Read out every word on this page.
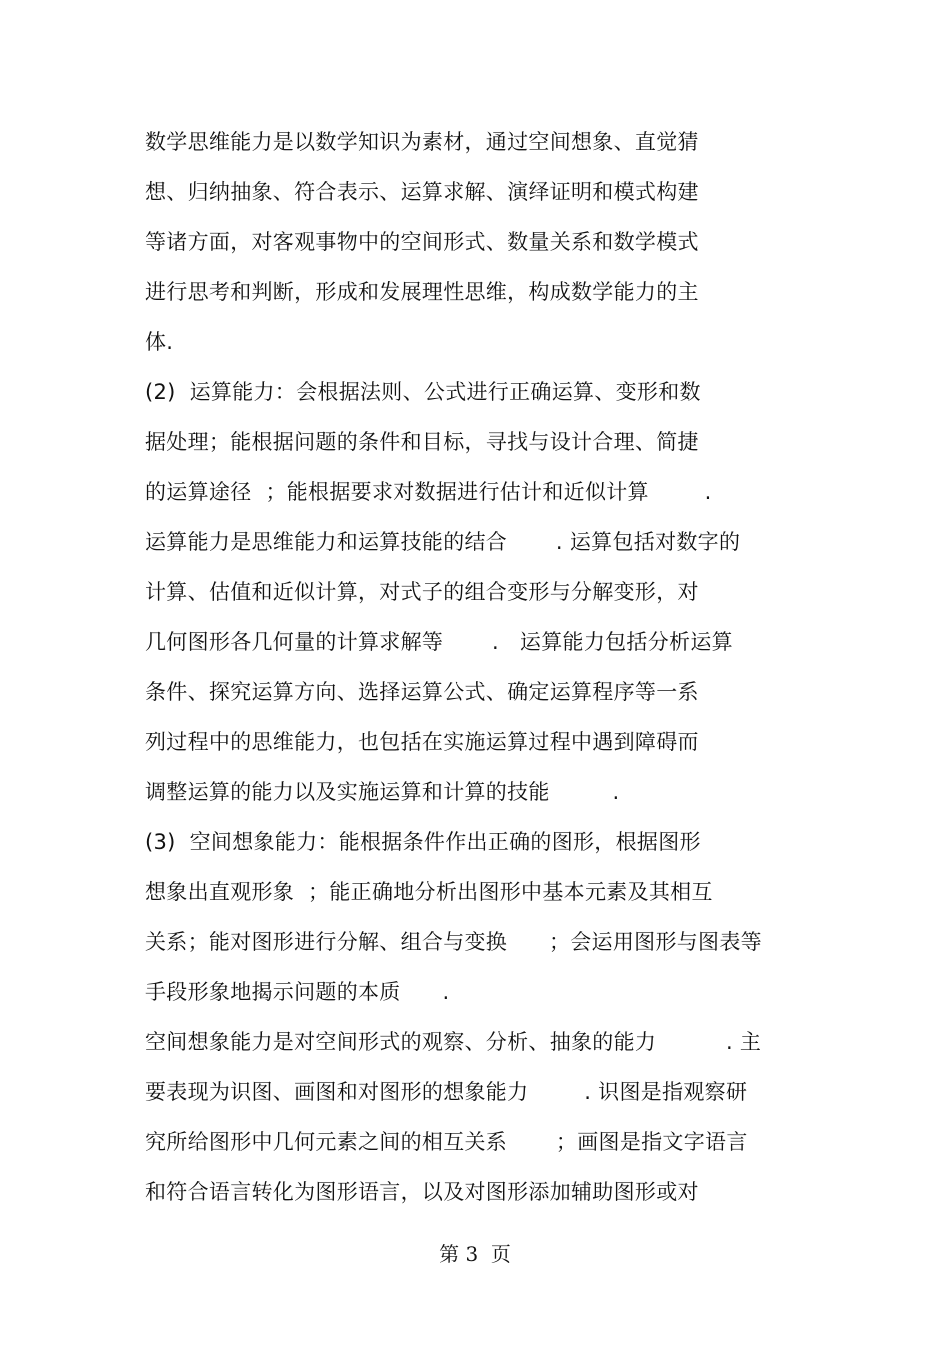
数学思维能力是以数学知识为素材，通过空间想象、直觉猜
想、归纳抽象、符合表示、运算求解、演绎证明和模式构建
等诸方面，对客观事物中的空间形式、数量关系和数学模式
进行思考和判断，形成和发展理性思维，构成数学能力的主
体.
(2)  运算能力：会根据法则、公式进行正确运算、变形和数
据处理；能根据问题的条件和目标，寻找与设计合理、简捷
的运算途径  ；能根据要求对数据进行估计和近似计算        .
运算能力是思维能力和运算技能的结合       . 运算包括对数字的
计算、估值和近似计算，对式子的组合变形与分解变形，对
几何图形各几何量的计算求解等       .   运算能力包括分析运算
条件、探究运算方向、选择运算公式、确定运算程序等一系
列过程中的思维能力，也包括在实施运算过程中遇到障碍而
调整运算的能力以及实施运算和计算的技能         .
(3)  空间想象能力：能根据条件作出正确的图形，根据图形
想象出直观形象  ；能正确地分析出图形中基本元素及其相互
关系；能对图形进行分解、组合与变换      ；会运用图形与图表等
手段形象地揭示问题的本质      .
空间想象能力是对空间形式的观察、分析、抽象的能力          . 主
要表现为识图、画图和对图形的想象能力        . 识图是指观察研
究所给图形中几何元素之间的相互关系       ；画图是指文字语言
和符合语言转化为图形语言，以及对图形添加辅助图形或对
第 3  页
